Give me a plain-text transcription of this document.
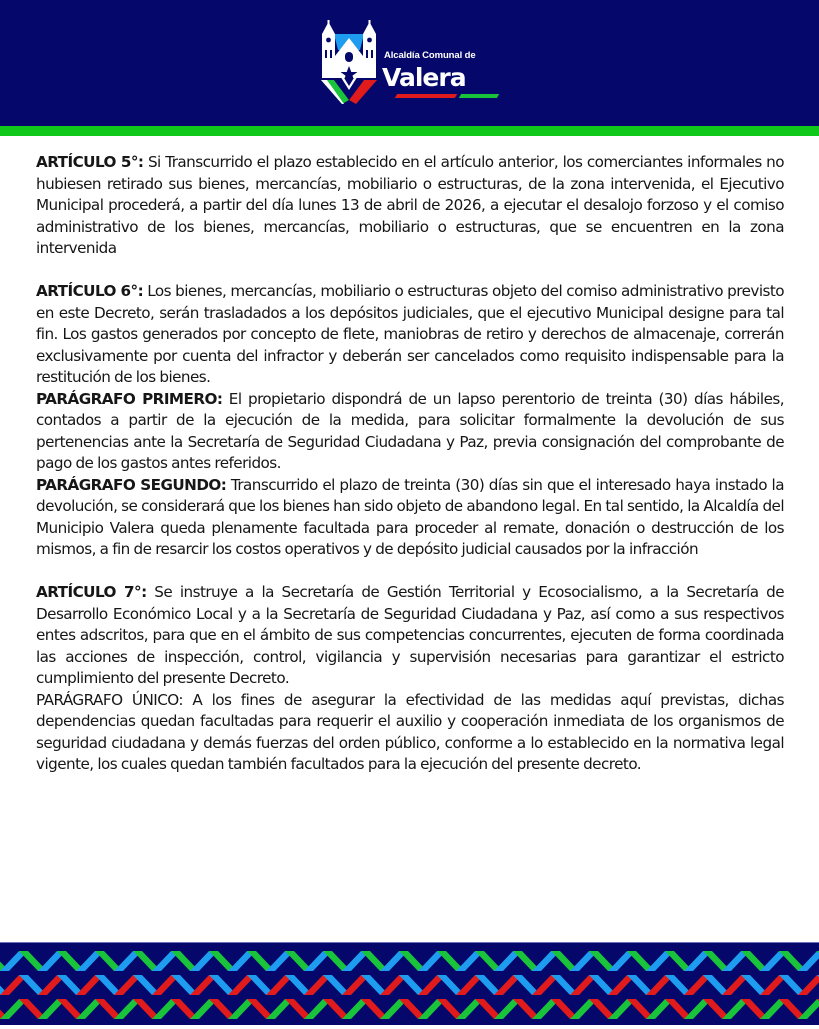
Alcaldía Comunal de
Valera

ARTÍCULO 5°: Si Transcurrido el plazo establecido en el artículo anterior, los comerciantes informales no hubiesen retirado sus bienes, mercancías, mobiliario o estructuras, de la zona intervenida, el Ejecutivo Municipal procederá, a partir del día lunes 13 de abril de 2026, a ejecutar el desalojo forzoso y el comiso administrativo de los bienes, mercancías, mobiliario o estructuras, que se encuentren en la zona intervenida

ARTÍCULO 6°: Los bienes, mercancías, mobiliario o estructuras objeto del comiso administrativo previsto en este Decreto, serán trasladados a los depósitos judiciales, que el ejecutivo Municipal designe para tal fin. Los gastos generados por concepto de flete, maniobras de retiro y derechos de almacenaje, correrán exclusivamente por cuenta del infractor y deberán ser cancelados como requisito indispensable para la restitución de los bienes.

PARÁGRAFO PRIMERO: El propietario dispondrá de un lapso perentorio de treinta (30) días hábiles, contados a partir de la ejecución de la medida, para solicitar formalmente la devolución de sus pertenencias ante la Secretaría de Seguridad Ciudadana y Paz, previa consignación del comprobante de pago de los gastos antes referidos.

PARÁGRAFO SEGUNDO: Transcurrido el plazo de treinta (30) días sin que el interesado haya instado la devolución, se considerará que los bienes han sido objeto de abandono legal. En tal sentido, la Alcaldía del Municipio Valera queda plenamente facultada para proceder al remate, donación o destrucción de los mismos, a fin de resarcir los costos operativos y de depósito judicial causados por la infracción

ARTÍCULO 7°: Se instruye a la Secretaría de Gestión Territorial y Ecosocialismo, a la Secretaría de Desarrollo Económico Local y a la Secretaría de Seguridad Ciudadana y Paz, así como a sus respectivos entes adscritos, para que en el ámbito de sus competencias concurrentes, ejecuten de forma coordinada las acciones de inspección, control, vigilancia y supervisión necesarias para garantizar el estricto cumplimiento del presente Decreto.

PARÁGRAFO ÚNICO: A los fines de asegurar la efectividad de las medidas aquí previstas, dichas dependencias quedan facultadas para requerir el auxilio y cooperación inmediata de los organismos de seguridad ciudadana y demás fuerzas del orden público, conforme a lo establecido en la normativa legal vigente, los cuales quedan también facultados para la ejecución del presente decreto.
